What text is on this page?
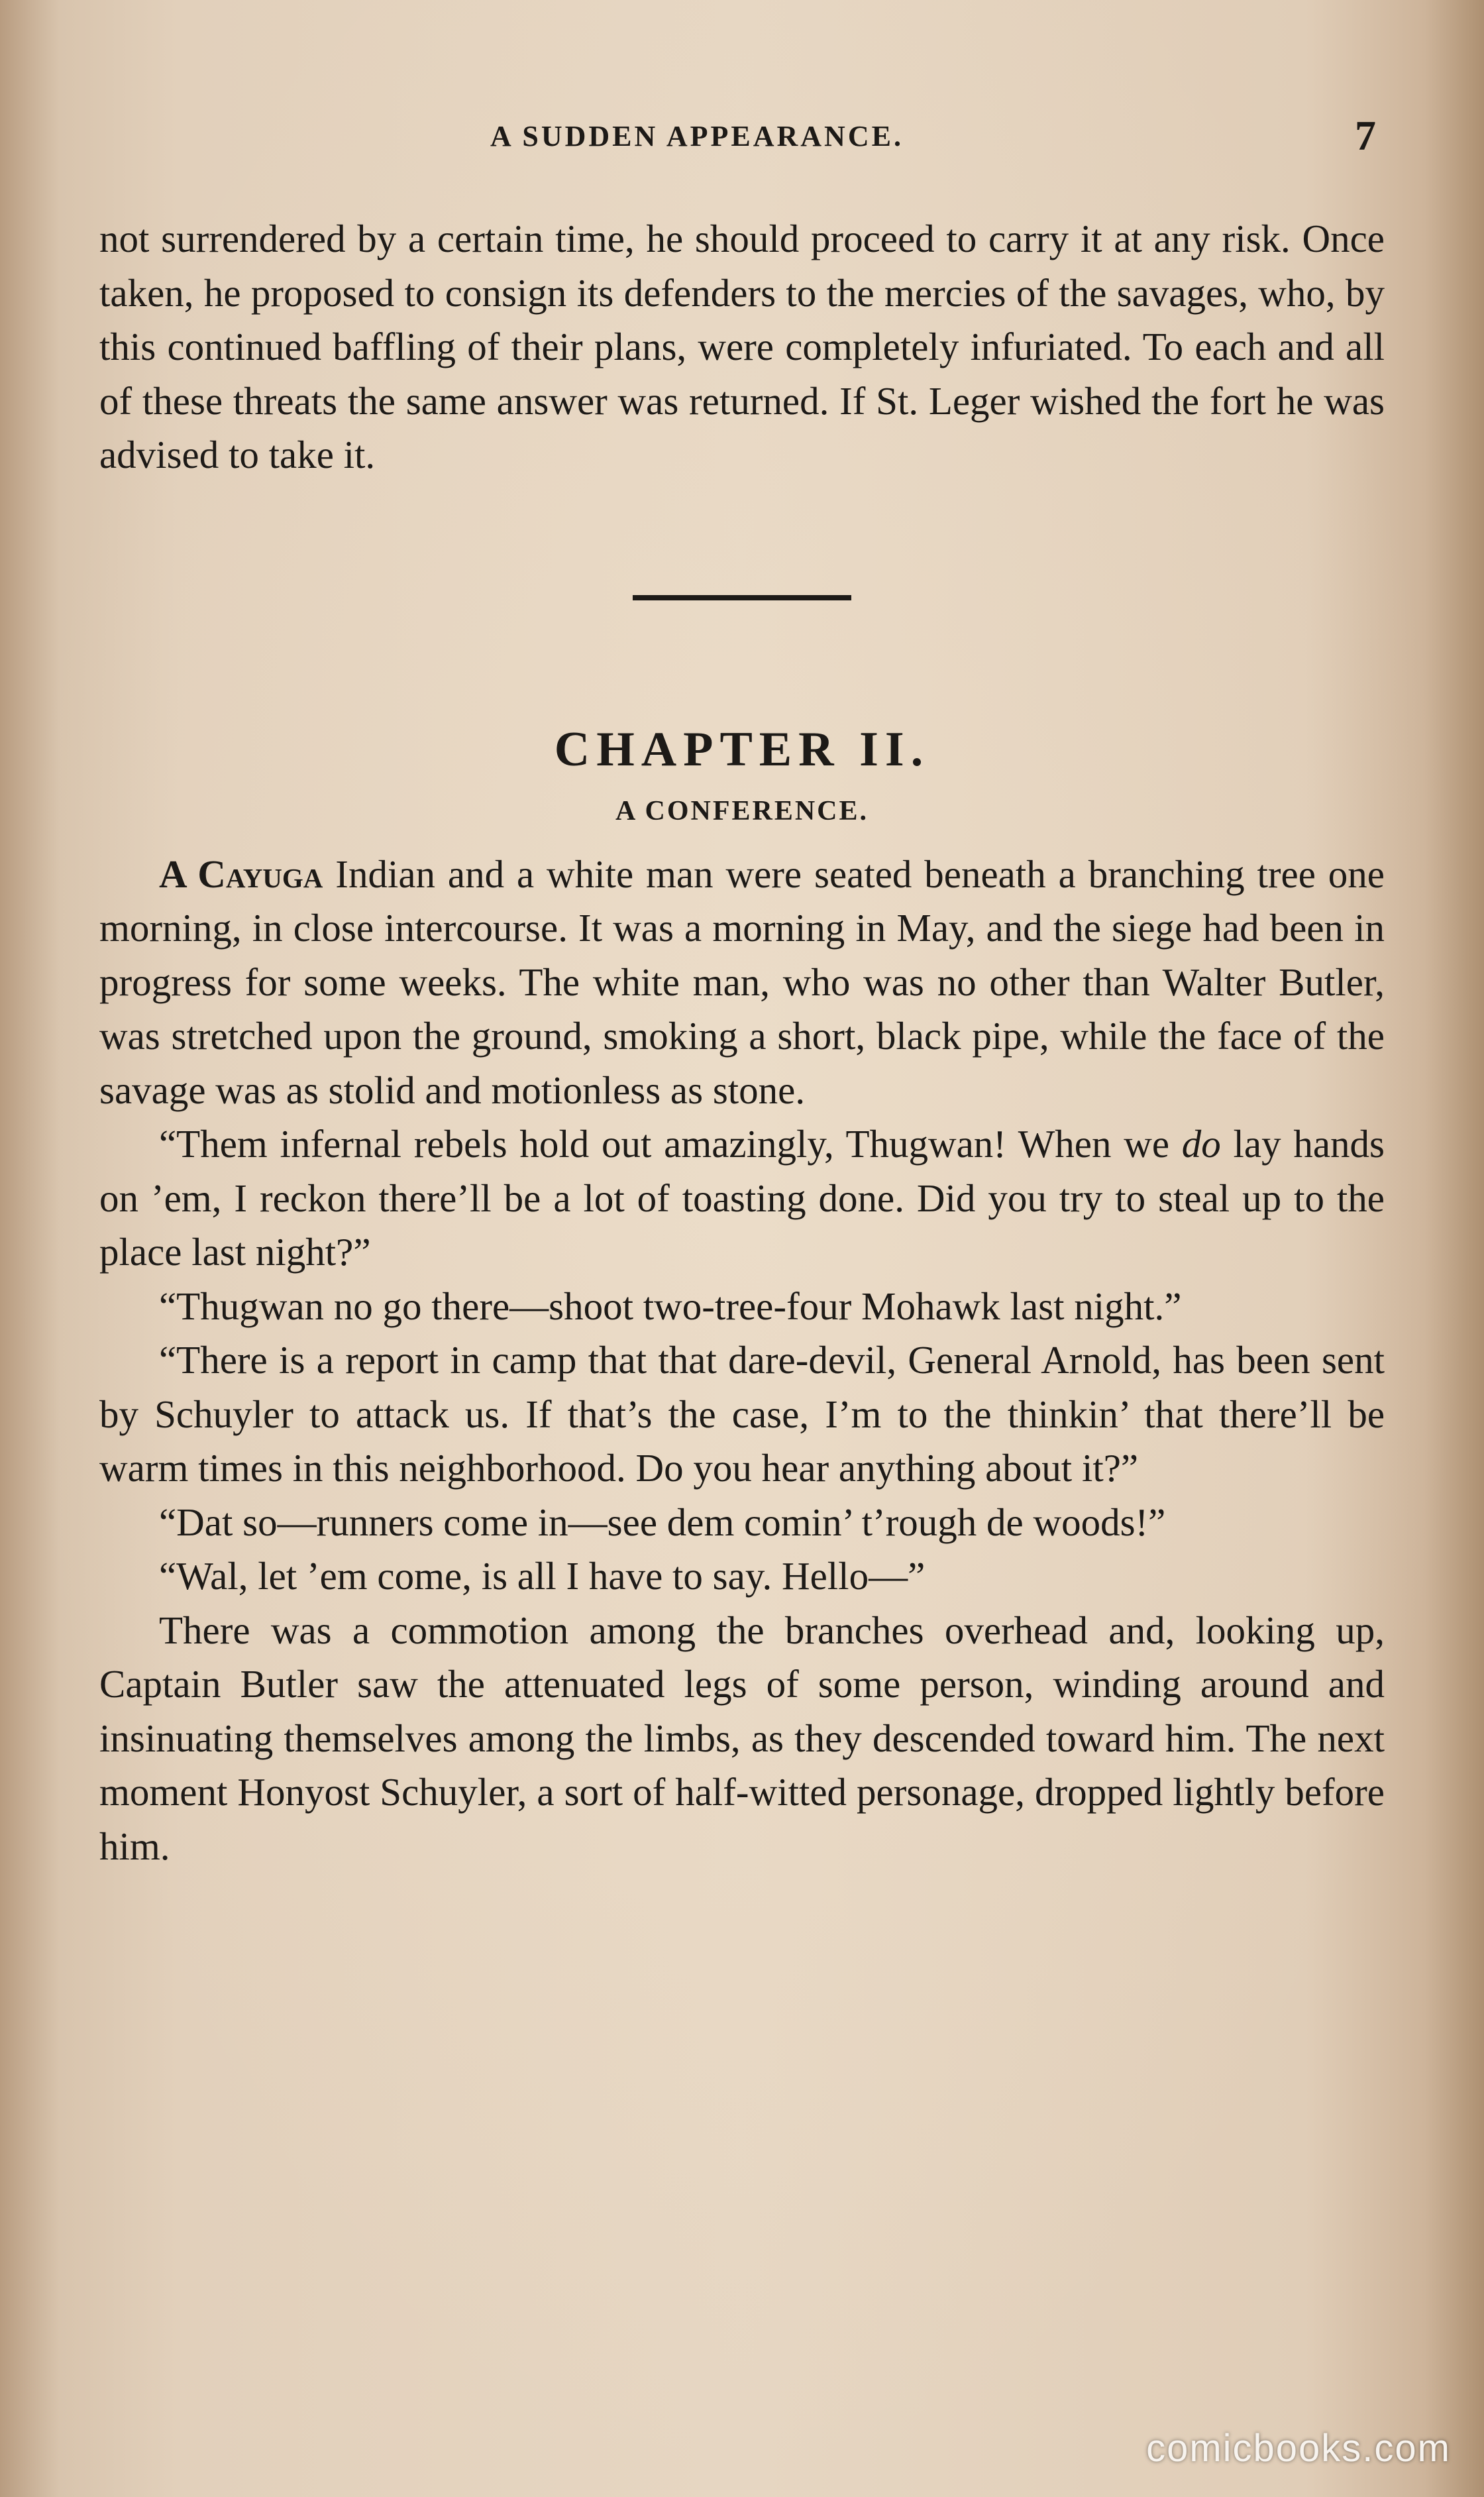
A SUDDEN APPEARANCE.	7

not surrendered by a certain time, he should proceed to carry it at any risk. Once taken, he proposed to consign its defenders to the mercies of the savages, who, by this continued baffling of their plans, were completely infuriated. To each and all of these threats the same answer was returned. If St. Leger wished the fort he was advised to take it.

CHAPTER II.
A CONFERENCE.

A Cayuga Indian and a white man were seated beneath a branching tree one morning, in close intercourse. It was a morning in May, and the siege had been in progress for some weeks. The white man, who was no other than Walter Butler, was stretched upon the ground, smoking a short, black pipe, while the face of the savage was as stolid and motionless as stone.

“Them infernal rebels hold out amazingly, Thugwan! When we do lay hands on ’em, I reckon there’ll be a lot of toasting done. Did you try to steal up to the place last night?”

“Thugwan no go there—shoot two-tree-four Mohawk last night.”

“There is a report in camp that that dare-devil, General Arnold, has been sent by Schuyler to attack us. If that’s the case, I’m to the thinkin’ that there’ll be warm times in this neighborhood. Do you hear anything about it?”

“Dat so—runners come in—see dem comin’ t’rough de woods!”

“Wal, let ’em come, is all I have to say. Hello—”

There was a commotion among the branches overhead and, looking up, Captain Butler saw the attenuated legs of some person, winding around and insinuating themselves among the limbs, as they descended toward him. The next moment Honyost Schuyler, a sort of half-witted personage, dropped lightly before him.

comicbooks.com
